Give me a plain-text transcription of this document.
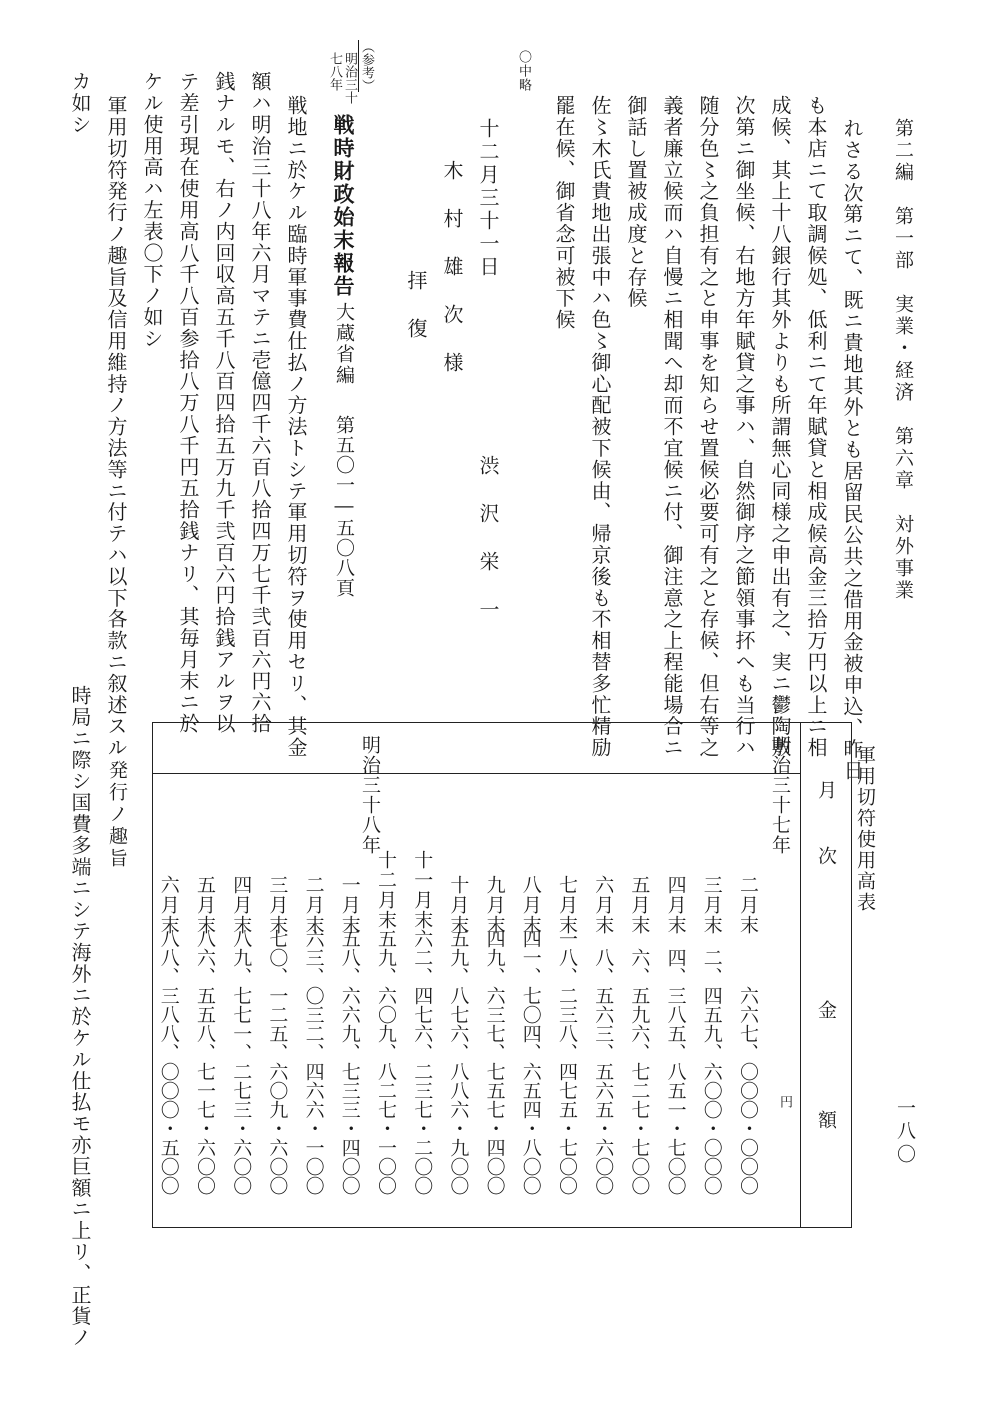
第二編　第一部　実業・経済　第六章　対外事業
一八〇
れさる次第ニて、既ニ貴地其外とも居留民公共之借用金被申込、昨日
も本店ニて取調候処、低利ニて年賦貸と相成候高金三拾万円以上ニ相
成候、其上十八銀行其外よりも所謂無心同様之申出有之、実ニ鬱陶敷
次第ニ御坐候、右地方年賦貸之事ハ、自然御序之節領事抔へも当行ハ
随分色〻之負担有之と申事を知らせ置候必要可有之と存候、但右等之
義者廉立候而ハ自慢ニ相聞へ却而不宜候ニ付、御注意之上程能場合ニ
御話し置被成度と存候
佐〻木氏貴地出張中ハ色〻御心配被下候由、帰京後も不相替多忙精励
罷在候、御省念可被下候
〇中略
十二月三十一日
渋　沢　栄　一
木　村　雄　次　様
拝　復
（参考）
明治三十
七八年
戦時財政始末報告
大蔵省編
第五〇一―五〇八頁
戦地ニ於ケル臨時軍事費仕払ノ方法トシテ軍用切符ヲ使用セリ、其金
額ハ明治三十八年六月マテニ壱億四千六百八拾四万七千弐百六円六拾
銭ナルモ、右ノ内回収高五千八百四拾五万九千弐百六円拾銭アルヲ以
テ差引現在使用高八千八百参拾八万八千円五拾銭ナリ、其毎月末ニ於
ケル使用高ハ左表〇下ノ如シ
軍用切符発行ノ趣旨及信用維持ノ方法等ニ付テハ以下各款ニ叙述スル
カ如シ
軍用切符使用高表
月　　次
金　　　　額
明治三十七年
明治三十八年
円
二月末
六六七、〇〇〇・〇〇〇
三月末
二、四五九、六〇〇・〇〇〇
四月末
四、三八五、八五一・七〇〇
五月末
六、五九六、七二七・七〇〇
六月末
八、五六三、五六五・六〇〇
七月末
一八、二三八、四七五・七〇〇
八月末
四一、七〇四、六五四・八〇〇
九月末
四九、六三七、七五七・四〇〇
十月末
五九、八七六、八八六・九〇〇
十一月末
六二、四七六、二三七・二〇〇
十二月末
五九、六〇九、八二七・一〇〇
一月末
五八、六六九、七三三・四〇〇
二月末
六三、〇三二、四六六・一〇〇
三月末
七〇、一二五、六〇九・六〇〇
四月末
八九、七七一、二七三・六〇〇
五月末
八六、五五八、七一七・六〇〇
六月末
八八、三八八、〇〇〇・五〇〇
発行ノ趣旨
時局ニ際シ国費多端ニシテ海外ニ於ケル仕払モ亦巨額ニ上リ、正貨ノ
